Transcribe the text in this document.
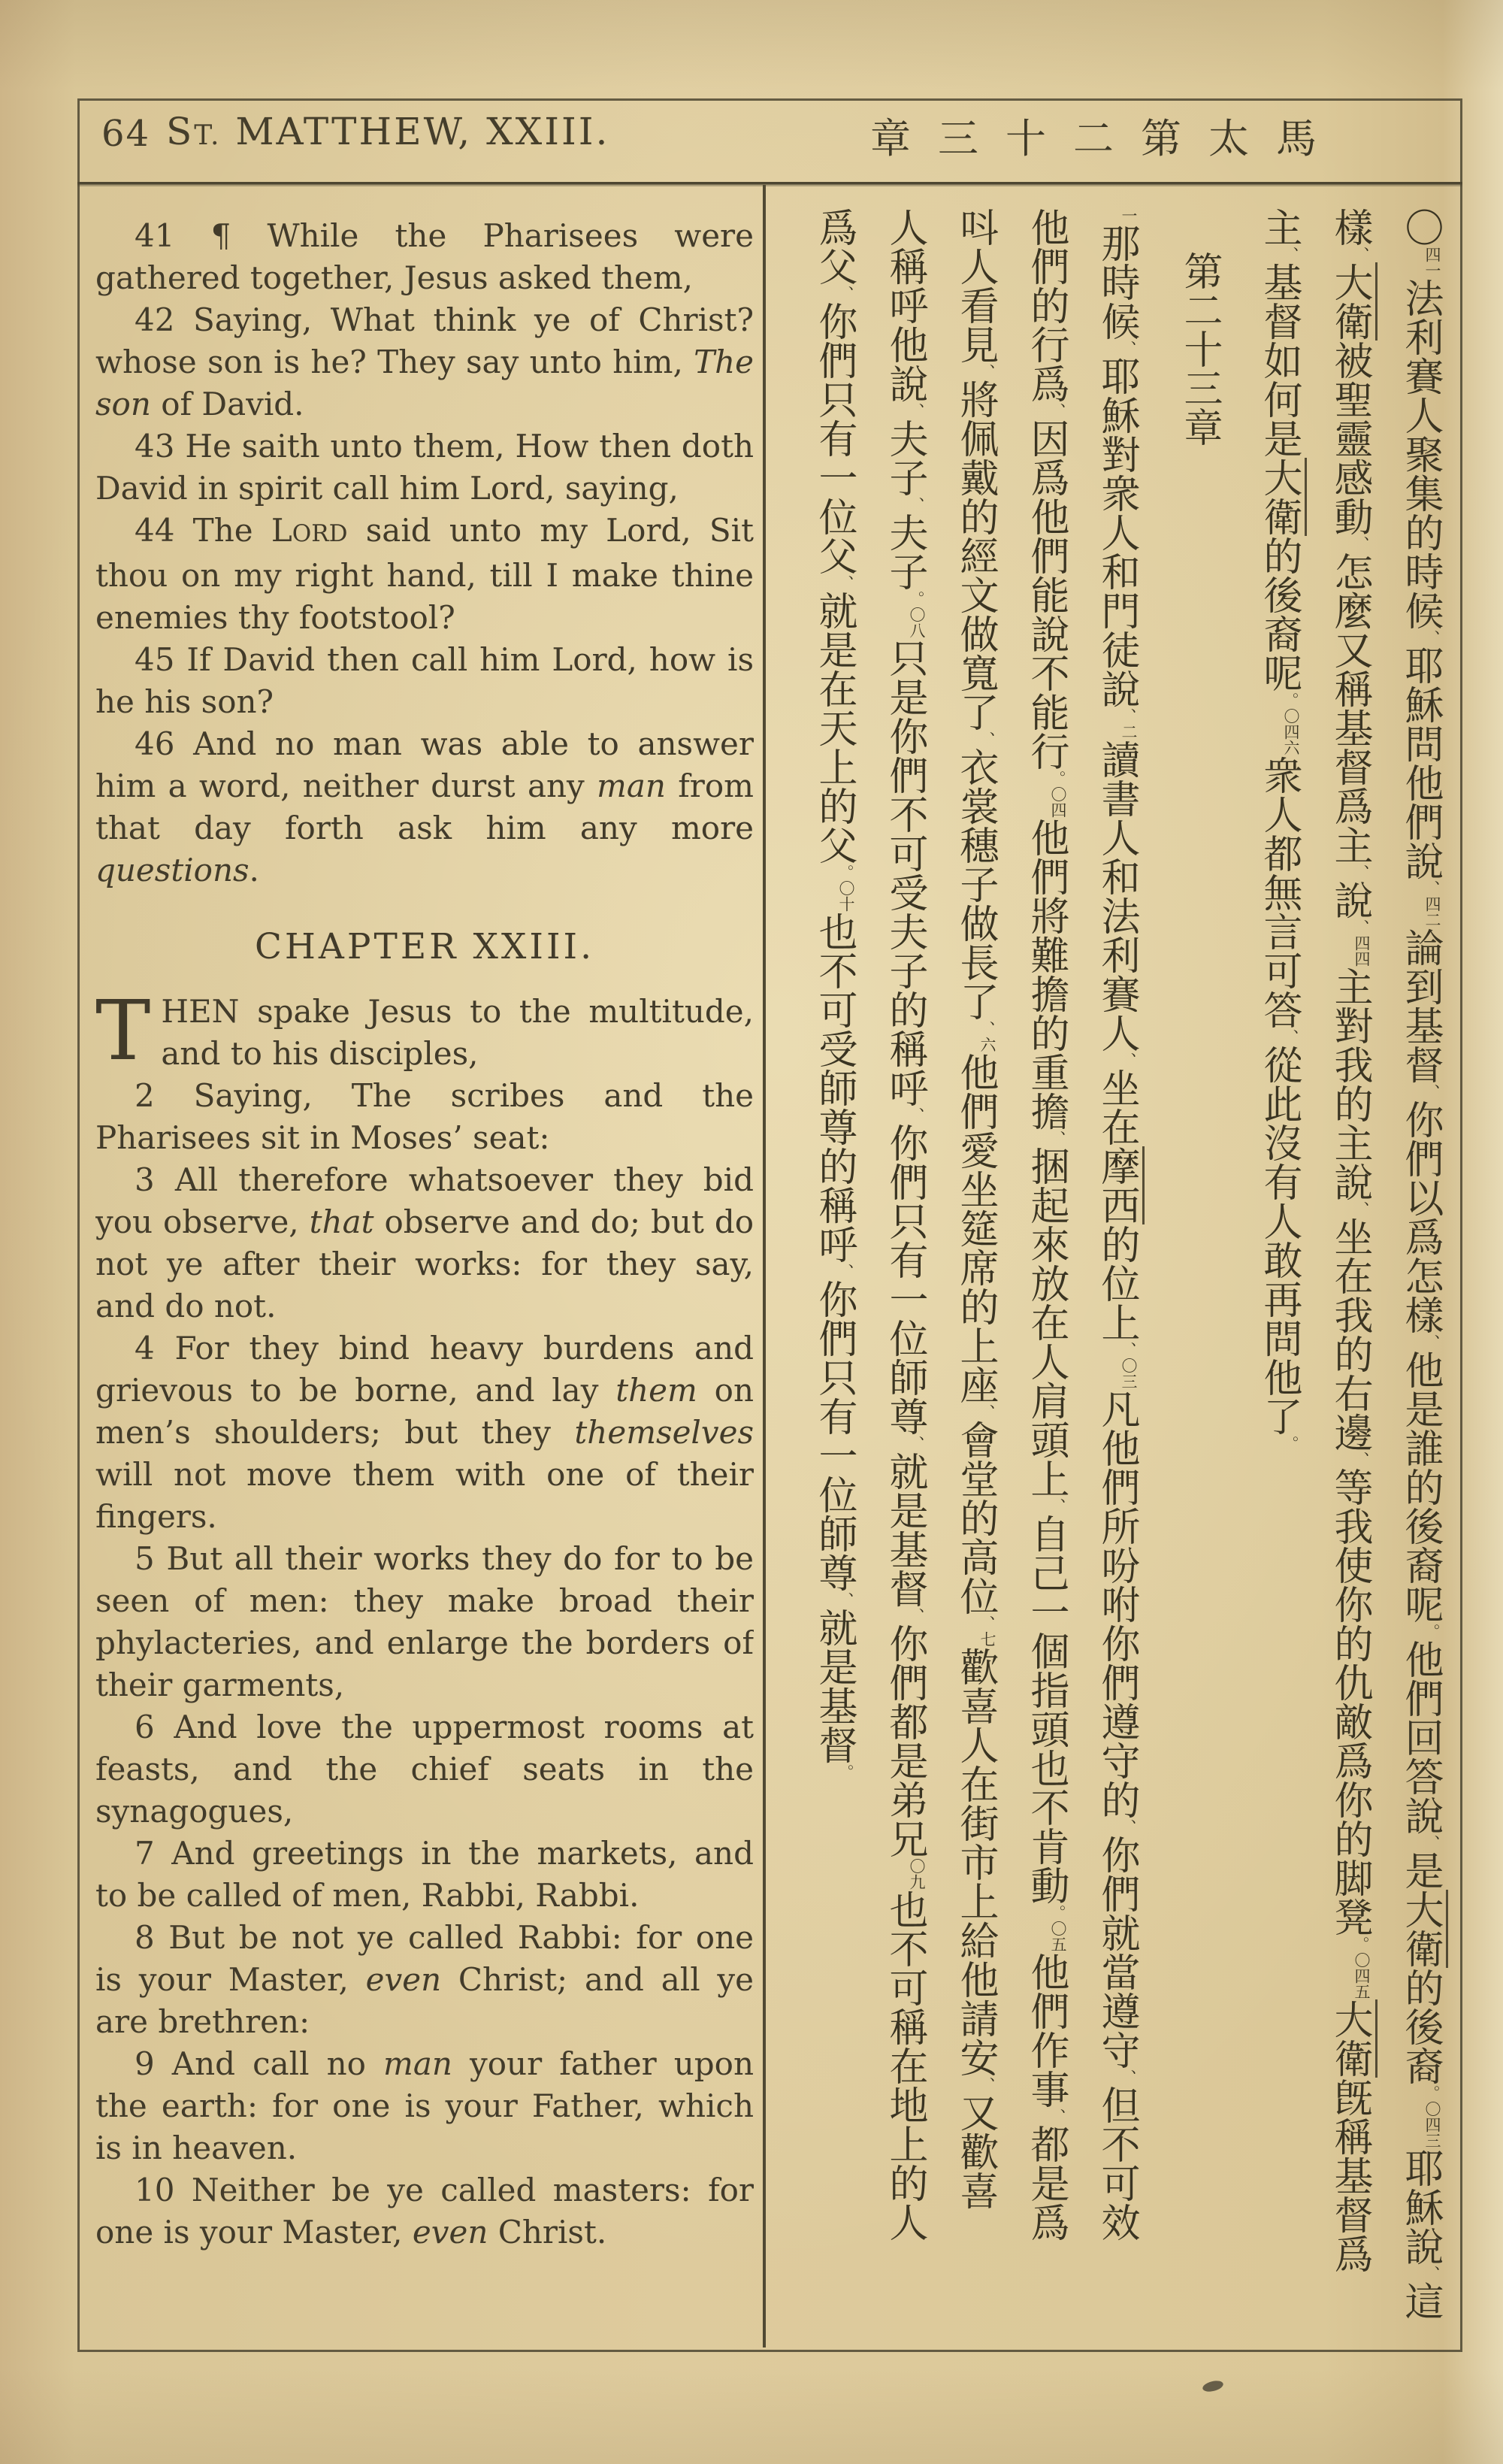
64 ST. MATTHEW, XXIII.	章三十二第太馬

41 ¶ While the Pharisees were gathered together, Jesus asked them,

42 Saying, What think ye of Christ? whose son is he? They say unto him, The son of David.

43 He saith unto them, How then doth David in spirit call him Lord, saying,

44 The LORD said unto my Lord, Sit thou on my right hand, till I make thine enemies thy footstool?

45 If David then call him Lord, how is he his son?

46 And no man was able to answer him a word, neither durst any man from that day forth ask him any more questions.

CHAPTER XXIII.

THEN spake Jesus to the multitude, and to his disciples,

2 Saying, The scribes and the Pharisees sit in Moses’ seat:

3 All therefore whatsoever they bid you observe, that observe and do; but do not ye after their works: for they say, and do not.

4 For they bind heavy burdens and grievous to be borne, and lay them on men’s shoulders; but they themselves will not move them with one of their fingers.

5 But all their works they do for to be seen of men: they make broad their phylacteries, and enlarge the borders of their garments,

6 And love the uppermost rooms at feasts, and the chief seats in the synagogues,

7 And greetings in the markets, and to be called of men, Rabbi, Rabbi.

8 But be not ye called Rabbi: for one is your Master, even Christ; and all ye are brethren:

9 And call no man your father upon the earth: for one is your Father, which is in heaven.

10 Neither be ye called masters: for one is your Master, even Christ.

〇四一法利賽人聚集的時候、耶穌問他們說、四二論到基督、你們以爲怎樣、他是誰的後裔呢。他們回答說、是大衛的後裔。〇四三耶穌說、這
樣、大衛被聖靈感動、怎麼又稱基督爲主、說、四四主對我的主說、坐在我的右邊、等我使你的仇敵爲你的脚凳。〇四五大衛旣稱基督爲
主、基督如何是大衛的後裔呢。〇四六衆人都無言可答、從此沒有人敢再問他了。
第二十三章
一那時候、耶穌對衆人和門徒說、二讀書人和法利賽人、坐在摩西的位上、〇三凡他們所吩咐你們遵守的、你們就當遵守、但不可效
他們的行爲、因爲他們能說不能行。〇四他們將難擔的重擔、捆起來放在人肩頭上、自己一個指頭也不肯動。〇五他們作事、都是爲
呌人看見、將佩戴的經文做寬了、衣裳穗子做長了、六他們愛坐筵席的上座、會堂的高位、七歡喜人在街市上給他請安、又歡喜
人稱呼他說、夫子、夫子。〇八只是你們不可受夫子的稱呼、你們只有一位師尊、就是基督、你們都是弟兄〇九也不可稱在地上的人
爲父、你們只有一位父、就是在天上的父。〇十也不可受師尊的稱呼、你們只有一位師尊、就是基督。
